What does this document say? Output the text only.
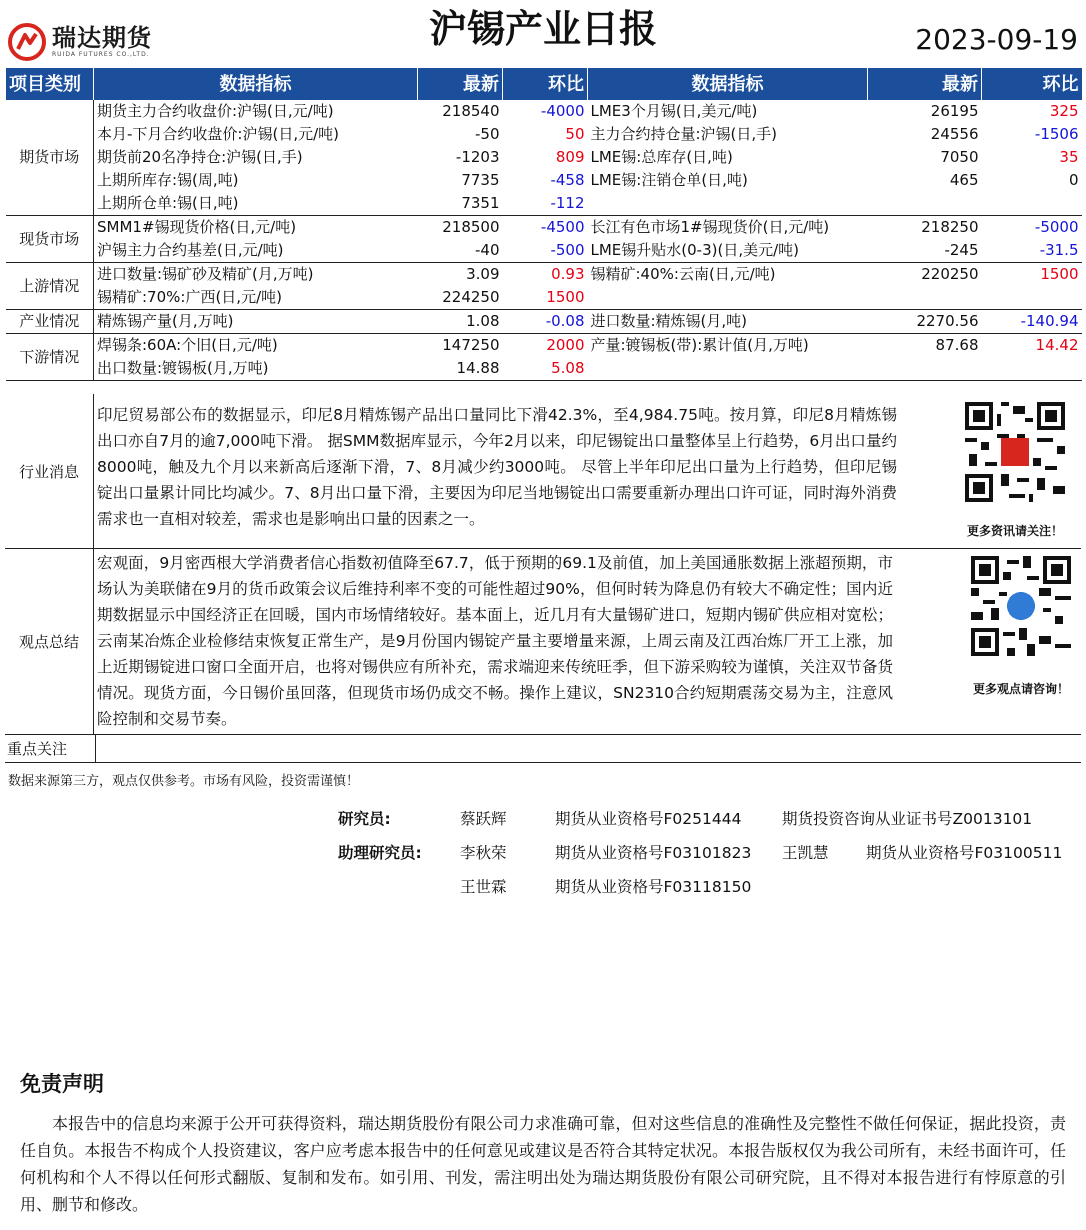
瑞达期货
RUIDA FUTURES CO.,LTD.
沪锡产业日报	2023-09-19
项目类别	数据指标	最新	环比	数据指标	最新	环比
期货市场	期货主力合约收盘价:沪锡(日,元/吨)	218540	-4000	LME3个月锡(日,美元/吨)	26195	325
	本月-下月合约收盘价:沪锡(日,元/吨)	-50	50	主力合约持仓量:沪锡(日,手)	24556	-1506
	期货前20名净持仓:沪锡(日,手)	-1203	809	LME锡:总库存(日,吨)	7050	35
	上期所库存:锡(周,吨)	7735	-458	LME锡:注销仓单(日,吨)	465	0
	上期所仓单:锡(日,吨)	7351	-112			
现货市场	SMM1#锡现货价格(日,元/吨)	218500	-4500	长江有色市场1#锡现货价(日,元/吨)	218250	-5000
	沪锡主力合约基差(日,元/吨)	-40	-500	LME锡升贴水(0-3)(日,美元/吨)	-245	-31.5
上游情况	进口数量:锡矿砂及精矿(月,万吨)	3.09	0.93	锡精矿:40%:云南(日,元/吨)	220250	1500
	锡精矿:70%:广西(日,元/吨)	224250	1500			
产业情况	精炼锡产量(月,万吨)	1.08	-0.08	进口数量:精炼锡(月,吨)	2270.56	-140.94
下游情况	焊锡条:60A:个旧(日,元/吨)	147250	2000	产量:镀锡板(带):累计值(月,万吨)	87.68	14.42
	出口数量:镀锡板(月,万吨)	14.88	5.08			
行业消息
印尼贸易部公布的数据显示，印尼8月精炼锡产品出口量同比下滑42.3%，至4,984.75吨。按月算，印尼8月精炼锡出口亦自7月的逾7,000吨下滑。 据SMM数据库显示，今年2月以来，印尼锡锭出口量整体呈上行趋势，6月出口量约8000吨，触及九个月以来新高后逐渐下滑，7、8月减少约3000吨。 尽管上半年印尼出口量为上行趋势，但印尼锡锭出口量累计同比均减少。7、8月出口量下滑，主要因为印尼当地锡锭出口需要重新办理出口许可证，同时海外消费需求也一直相对较差，需求也是影响出口量的因素之一。
更多资讯请关注！
观点总结
宏观面，9月密西根大学消费者信心指数初值降至67.7，低于预期的69.1及前值，加上美国通胀数据上涨超预期，市场认为美联储在9月的货币政策会议后维持利率不变的可能性超过90%，但何时转为降息仍有较大不确定性；国内近期数据显示中国经济正在回暖，国内市场情绪较好。基本面上，近几月有大量锡矿进口，短期内锡矿供应相对宽松；云南某冶炼企业检修结束恢复正常生产，是9月份国内锡锭产量主要增量来源，上周云南及江西冶炼厂开工上涨，加上近期锡锭进口窗口全面开启，也将对锡供应有所补充，需求端迎来传统旺季，但下游采购较为谨慎，关注双节备货情况。现货方面，今日锡价虽回落，但现货市场仍成交不畅。操作上建议，SN2310合约短期震荡交易为主，注意风险控制和交易节奏。
更多观点请咨询！
重点关注
数据来源第三方，观点仅供参考。市场有风险，投资需谨慎！
研究员:	蔡跃辉	期货从业资格号F0251444	期货投资咨询从业证书号Z0013101
助理研究员: 李秋荣	期货从业资格号F03101823 王凯慧 期货从业资格号F03100511
王世霖	期货从业资格号F03118150
免责声明
本报告中的信息均来源于公开可获得资料，瑞达期货股份有限公司力求准确可靠，但对这些信息的准确性及完整性不做任何保证，据此投资，责任自负。本报告不构成个人投资建议，客户应考虑本报告中的任何意见或建议是否符合其特定状况。本报告版权仅为我公司所有，未经书面许可，任何机构和个人不得以任何形式翻版、复制和发布。如引用、刊发，需注明出处为瑞达期货股份有限公司研究院，且不得对本报告进行有悖原意的引用、删节和修改。
